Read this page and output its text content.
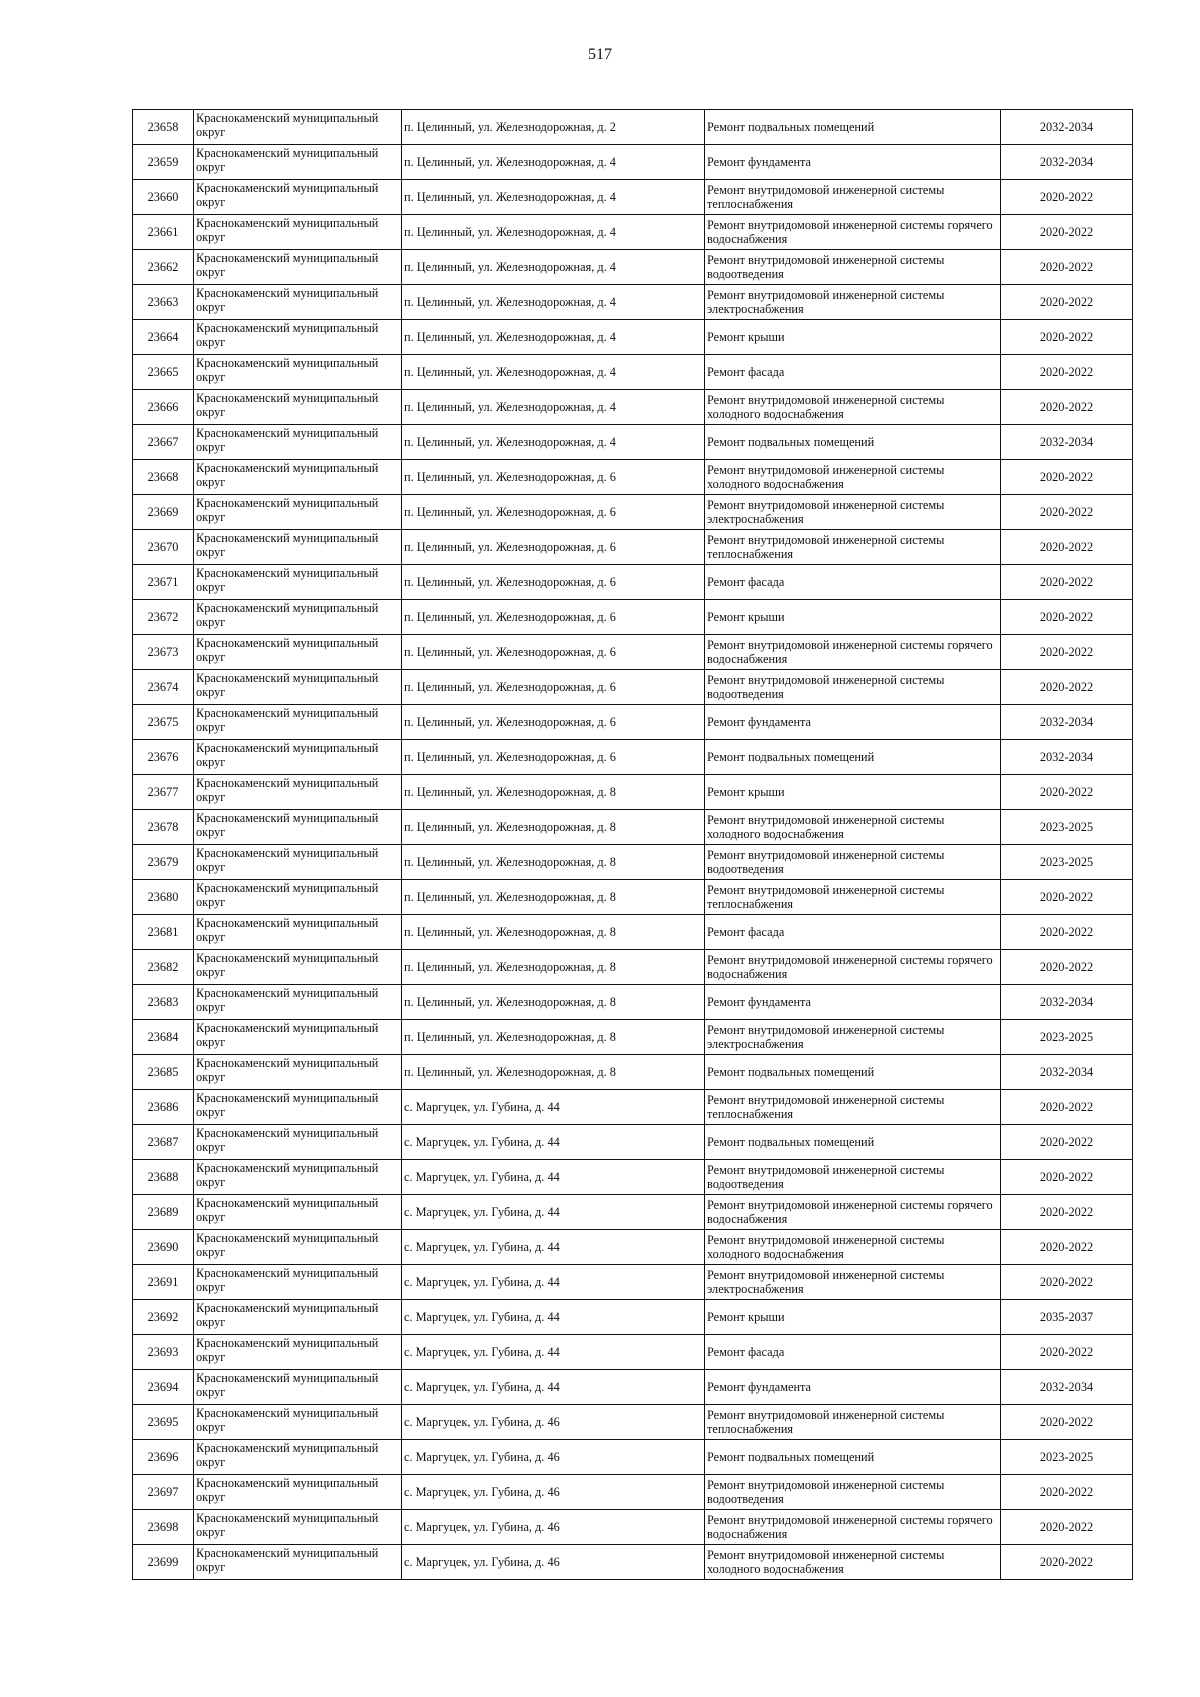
517
23658	Краснокаменский муниципальный округ	п. Целинный, ул. Железнодорожная, д. 2	Ремонт подвальных помещений	2032-2034
23659	Краснокаменский муниципальный округ	п. Целинный, ул. Железнодорожная, д. 4	Ремонт фундамента	2032-2034
23660	Краснокаменский муниципальный округ	п. Целинный, ул. Железнодорожная, д. 4	Ремонт внутридомовой инженерной системы теплоснабжения	2020-2022
23661	Краснокаменский муниципальный округ	п. Целинный, ул. Железнодорожная, д. 4	Ремонт внутридомовой инженерной системы горячего водоснабжения	2020-2022
23662	Краснокаменский муниципальный округ	п. Целинный, ул. Железнодорожная, д. 4	Ремонт внутридомовой инженерной системы водоотведения	2020-2022
23663	Краснокаменский муниципальный округ	п. Целинный, ул. Железнодорожная, д. 4	Ремонт внутридомовой инженерной системы электроснабжения	2020-2022
23664	Краснокаменский муниципальный округ	п. Целинный, ул. Железнодорожная, д. 4	Ремонт крыши	2020-2022
23665	Краснокаменский муниципальный округ	п. Целинный, ул. Железнодорожная, д. 4	Ремонт фасада	2020-2022
23666	Краснокаменский муниципальный округ	п. Целинный, ул. Железнодорожная, д. 4	Ремонт внутридомовой инженерной системы холодного водоснабжения	2020-2022
23667	Краснокаменский муниципальный округ	п. Целинный, ул. Железнодорожная, д. 4	Ремонт подвальных помещений	2032-2034
23668	Краснокаменский муниципальный округ	п. Целинный, ул. Железнодорожная, д. 6	Ремонт внутридомовой инженерной системы холодного водоснабжения	2020-2022
23669	Краснокаменский муниципальный округ	п. Целинный, ул. Железнодорожная, д. 6	Ремонт внутридомовой инженерной системы электроснабжения	2020-2022
23670	Краснокаменский муниципальный округ	п. Целинный, ул. Железнодорожная, д. 6	Ремонт внутридомовой инженерной системы теплоснабжения	2020-2022
23671	Краснокаменский муниципальный округ	п. Целинный, ул. Железнодорожная, д. 6	Ремонт фасада	2020-2022
23672	Краснокаменский муниципальный округ	п. Целинный, ул. Железнодорожная, д. 6	Ремонт крыши	2020-2022
23673	Краснокаменский муниципальный округ	п. Целинный, ул. Железнодорожная, д. 6	Ремонт внутридомовой инженерной системы горячего водоснабжения	2020-2022
23674	Краснокаменский муниципальный округ	п. Целинный, ул. Железнодорожная, д. 6	Ремонт внутридомовой инженерной системы водоотведения	2020-2022
23675	Краснокаменский муниципальный округ	п. Целинный, ул. Железнодорожная, д. 6	Ремонт фундамента	2032-2034
23676	Краснокаменский муниципальный округ	п. Целинный, ул. Железнодорожная, д. 6	Ремонт подвальных помещений	2032-2034
23677	Краснокаменский муниципальный округ	п. Целинный, ул. Железнодорожная, д. 8	Ремонт крыши	2020-2022
23678	Краснокаменский муниципальный округ	п. Целинный, ул. Железнодорожная, д. 8	Ремонт внутридомовой инженерной системы холодного водоснабжения	2023-2025
23679	Краснокаменский муниципальный округ	п. Целинный, ул. Железнодорожная, д. 8	Ремонт внутридомовой инженерной системы водоотведения	2023-2025
23680	Краснокаменский муниципальный округ	п. Целинный, ул. Железнодорожная, д. 8	Ремонт внутридомовой инженерной системы теплоснабжения	2020-2022
23681	Краснокаменский муниципальный округ	п. Целинный, ул. Железнодорожная, д. 8	Ремонт фасада	2020-2022
23682	Краснокаменский муниципальный округ	п. Целинный, ул. Железнодорожная, д. 8	Ремонт внутридомовой инженерной системы горячего водоснабжения	2020-2022
23683	Краснокаменский муниципальный округ	п. Целинный, ул. Железнодорожная, д. 8	Ремонт фундамента	2032-2034
23684	Краснокаменский муниципальный округ	п. Целинный, ул. Железнодорожная, д. 8	Ремонт внутридомовой инженерной системы электроснабжения	2023-2025
23685	Краснокаменский муниципальный округ	п. Целинный, ул. Железнодорожная, д. 8	Ремонт подвальных помещений	2032-2034
23686	Краснокаменский муниципальный округ	с. Маргуцек, ул. Губина, д. 44	Ремонт внутридомовой инженерной системы теплоснабжения	2020-2022
23687	Краснокаменский муниципальный округ	с. Маргуцек, ул. Губина, д. 44	Ремонт подвальных помещений	2020-2022
23688	Краснокаменский муниципальный округ	с. Маргуцек, ул. Губина, д. 44	Ремонт внутридомовой инженерной системы водоотведения	2020-2022
23689	Краснокаменский муниципальный округ	с. Маргуцек, ул. Губина, д. 44	Ремонт внутридомовой инженерной системы горячего водоснабжения	2020-2022
23690	Краснокаменский муниципальный округ	с. Маргуцек, ул. Губина, д. 44	Ремонт внутридомовой инженерной системы холодного водоснабжения	2020-2022
23691	Краснокаменский муниципальный округ	с. Маргуцек, ул. Губина, д. 44	Ремонт внутридомовой инженерной системы электроснабжения	2020-2022
23692	Краснокаменский муниципальный округ	с. Маргуцек, ул. Губина, д. 44	Ремонт крыши	2035-2037
23693	Краснокаменский муниципальный округ	с. Маргуцек, ул. Губина, д. 44	Ремонт фасада	2020-2022
23694	Краснокаменский муниципальный округ	с. Маргуцек, ул. Губина, д. 44	Ремонт фундамента	2032-2034
23695	Краснокаменский муниципальный округ	с. Маргуцек, ул. Губина, д. 46	Ремонт внутридомовой инженерной системы теплоснабжения	2020-2022
23696	Краснокаменский муниципальный округ	с. Маргуцек, ул. Губина, д. 46	Ремонт подвальных помещений	2023-2025
23697	Краснокаменский муниципальный округ	с. Маргуцек, ул. Губина, д. 46	Ремонт внутридомовой инженерной системы водоотведения	2020-2022
23698	Краснокаменский муниципальный округ	с. Маргуцек, ул. Губина, д. 46	Ремонт внутридомовой инженерной системы горячего водоснабжения	2020-2022
23699	Краснокаменский муниципальный округ	с. Маргуцек, ул. Губина, д. 46	Ремонт внутридомовой инженерной системы холодного водоснабжения	2020-2022
